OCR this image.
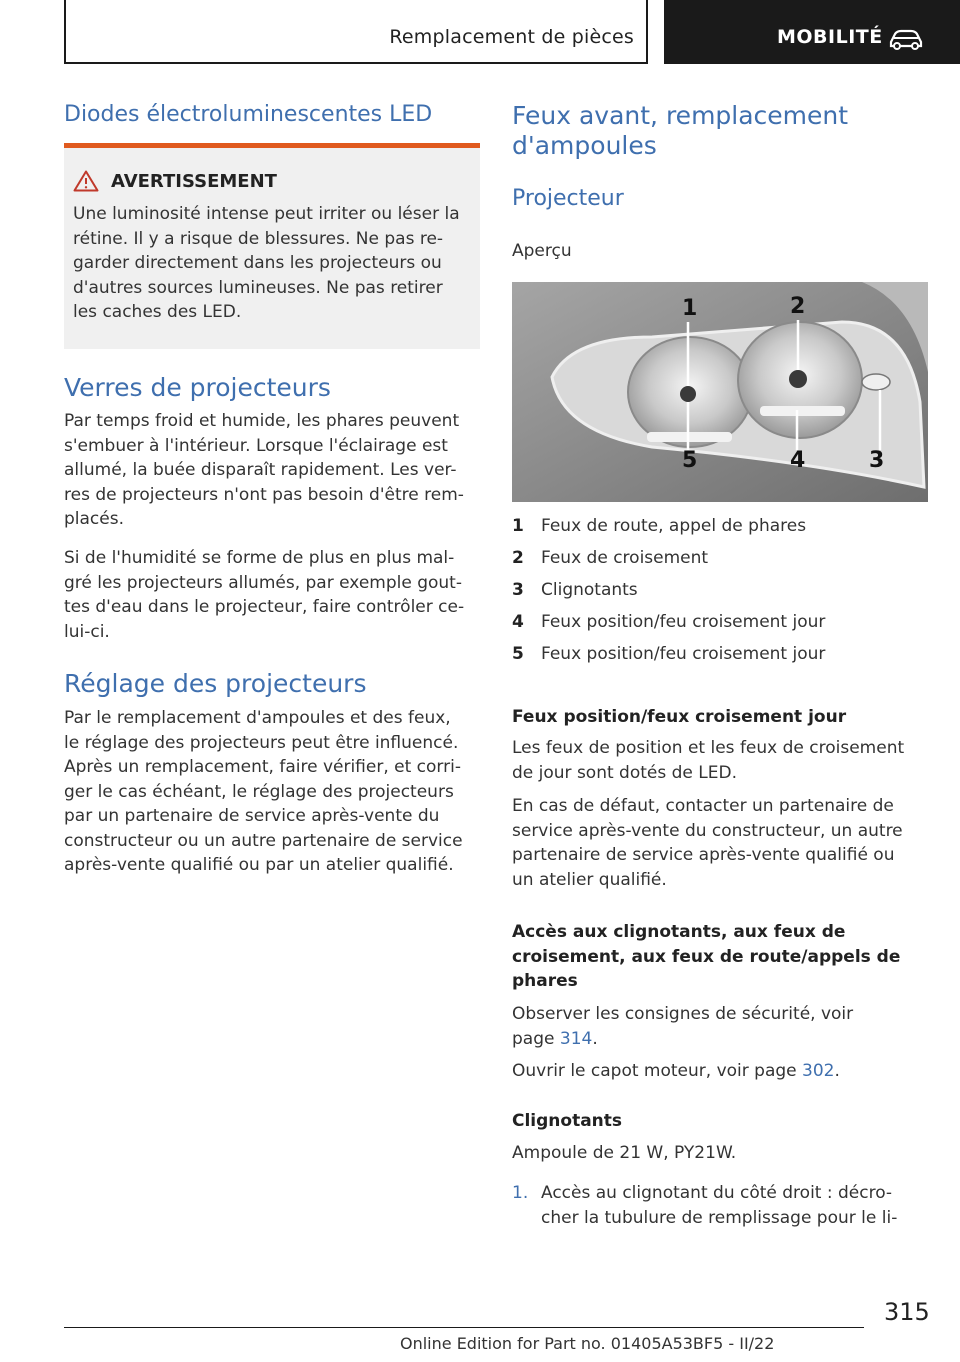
Remplacement de pièces	MOBILITÉ
Diodes électroluminescentes LED
AVERTISSEMENT

Une luminosité intense peut irriter ou léser la

rétine. Il y a risque de blessures. Ne pas re-

garder directement dans les projecteurs ou

d'autres sources lumineuses. Ne pas retirer

les caches des LED.

Verres de projecteurs

Par temps froid et humide, les phares peuvent

s'embuer à l'intérieur. Lorsque l'éclairage est

allumé, la buée disparaît rapidement. Les ver-

res de projecteurs n'ont pas besoin d'être rem-

placés.

Si de l'humidité se forme de plus en plus mal-

gré les projecteurs allumés, par exemple gout-

tes d'eau dans le projecteur, faire contrôler ce-

lui-ci.

Réglage des projecteurs

Par le remplacement d'ampoules et des feux,

le réglage des projecteurs peut être influencé.

Après un remplacement, faire vérifier, et corri-

ger le cas échéant, le réglage des projecteurs

par un partenaire de service après-vente du

constructeur ou un autre partenaire de service

après-vente qualifié ou par un atelier qualifié.

Feux avant, remplacement
d'ampoules
Projecteur
Aperçu
1	2
3
4
5
1 Feux de route, appel de phares
2 Feux de croisement
3 Clignotants
4 Feux position/feu croisement jour
5 Feux position/feu croisement jour
Feux position/feux croisement jour

Les feux de position et les feux de croisement

de jour sont dotés de LED.

En cas de défaut, contacter un partenaire de

service après-vente du constructeur, un autre

partenaire de service après-vente qualifié ou

un atelier qualifié.

Accès aux clignotants, aux feux de

croisement, aux feux de route/appels de

phares

Observer les consignes de sécurité, voir

page 314.

Ouvrir le capot moteur, voir page 302.

Clignotants

Ampoule de 21 W, PY21W.

1. Accès au clignotant du côté droit : décro-

cher la tubulure de remplissage pour le li-

315
Online Edition for Part no. 01405A53BF5 - II/22
